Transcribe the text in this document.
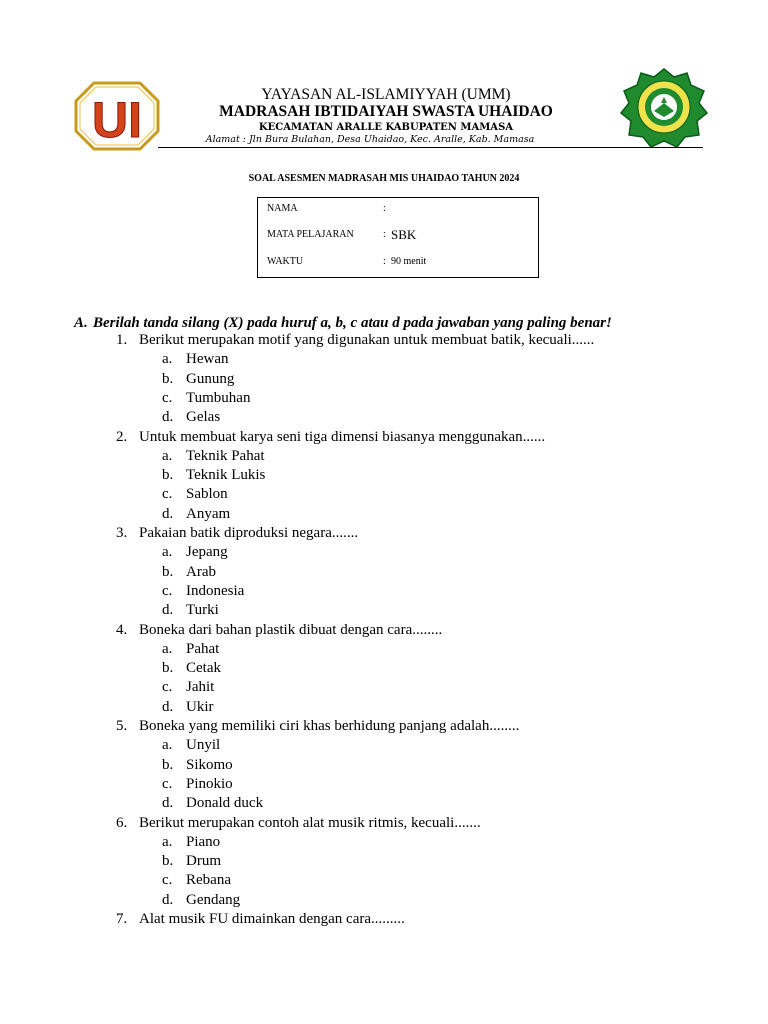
UI	YAYASAN AL-ISLAMIYYAH (UMM)
MADRASAH IBTIDAIYAH SWASTA UHAIDAO
KECAMATAN ARALLE KABUPATEN MAMASA
Alamat : Jln Bura Bulahan, Desa Uhaidao, Kec. Aralle, Kab. Mamasa
SOAL ASESMEN MADRASAH MIS UHAIDAO TAHUN 2024
NAMA	:
MATA PELAJARAN	: SBK
WAKTU	: 90 menit
A. Berilah tanda silang (X) pada huruf a, b, c atau d pada jawaban yang paling benar!
1. Berikut merupakan motif yang digunakan untuk membuat batik, kecuali......
a. Hewan
b. Gunung
c. Tumbuhan
d. Gelas
2. Untuk membuat karya seni tiga dimensi biasanya menggunakan......
a. Teknik Pahat
b. Teknik Lukis
c. Sablon
d. Anyam
3. Pakaian batik diproduksi negara.......
a. Jepang
b. Arab
c. Indonesia
d. Turki
4. Boneka dari bahan plastik dibuat dengan cara........
a. Pahat
b. Cetak
c. Jahit
d. Ukir
5. Boneka yang memiliki ciri khas berhidung panjang adalah........
a. Unyil
b. Sikomo
c. Pinokio
d. Donald duck
6. Berikut merupakan contoh alat musik ritmis, kecuali.......
a. Piano
b. Drum
c. Rebana
d. Gendang
7. Alat musik FU dimainkan dengan cara.........
